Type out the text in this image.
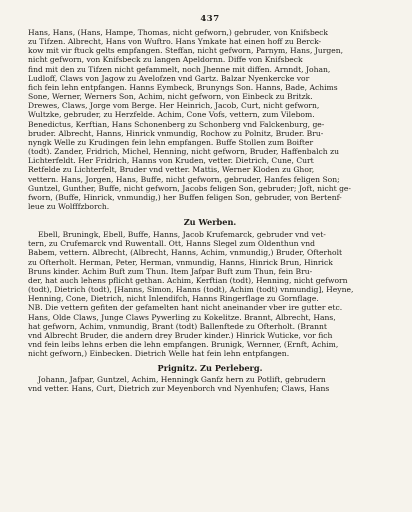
437
Hans, Hans, (Hans, Hampe, Thomas, nicht gefworn,) gebruder, von Knifsbeck
zu Tifzen. Albrecht, Hans von Wuftro. Hans Ymkate hat einen hoff zu Berck-
kow mit vir ftuck gelts empfangen. Steffan, nicht gefworn, Parnym, Hans, Jurgen,
nicht gefworn, von Knifsbeck zu langen Apeldornn. Diffe von Knifsbeck
find mit den zu Tifzen nicht gefammelt, noch Jhenne mit diffen. Arnndt, Johan,
Ludloff, Claws von Jagow zu Avelofzen vnd Gartz. Balzar Nyenkercke vor
fich fein lehn entpfangen. Hanns Eymbeck, Brunyngs Son. Hanns, Bade, Achims
Sone, Werner, Werners Son, Achim, nicht gefworn, von Einbeck zu Britzk.
Drewes, Claws, Jorge vom Berge. Her Heinrich, Jacob, Curt, nicht gefworn,
Wultzke, gebruder, zu Herzfelde. Achim, Cone Vofs, vettern, zum Vilebom.
Benedictus, Kerftian, Hans Schonenberg zu Schonberg vnd Falckenburg, ge-
bruder. Albrecht, Hanns, Hinrick vnmundig, Rochow zu Polnitz, Bruder. Bru-
nyngk Welle zu Krudingen fein lehn empfangen. Buffe Stollen zum Boifter
(todt). Zander, Fridrich, Michel, Henning, nicht gefworn, Bruder, Haffenbalch zu
Lichterfeldt. Her Fridrich, Hanns von Kruden, vetter. Dietrich, Cune, Curt
Retfelde zu Lichterfelt, Bruder vnd vetter. Mattis, Werner Kloden zu Ghor,
vettern. Hans, Jorgen, Hans, Buffe, nicht gefworn, gebruder, Hanfes feligen Son;
Guntzel, Gunther, Buffe, nicht gefworn, Jacobs feligen Son, gebruder; Joft, nicht ge-
fworn, (Buffe, Hinrick, vnmundig,) her Buffen feligen Son, gebruder, von Bertenf-
leue zu Wolfffzborch.
Zu Werben.
Ebell, Bruningk, Ebell, Buffe, Hanns, Jacob Krufemarck, gebruder vnd vet-
tern, zu Crufemarck vnd Ruwentall. Ott, Hanns Slegel zum Oldenthun vnd
Babem, vettern. Albrecht, (Albrecht, Hanns, Achim, vnmundig,) Bruder, Ofterholt
zu Ofterholt. Herman, Peter, Herman, vnmundig, Hanns, Hinrick Brun, Hinrick
Bruns kinder. Achim Buft zum Thun. Item Jafpar Buft zum Thun, fein Bru-
der, hat auch lehens pflicht gethan. Achim, Kerftian (todt), Henning, nicht gefworn
(todt), Dietrich (todt), [Hanns, Simon, Hanns (todt), Achim (todt) vnmundig], Heyne,
Henning, Cone, Dietrich, nicht Inlendifch, Hanns Ringerflage zu Gornflage.
NB. Die vettern gefiten der gefamelten hant nicht aneinander vber ire gutter etc.
Hans, Olde Claws, Junge Claws Pywerling zu Kokelitze. Brannt, Albrecht, Hans,
hat gefworn, Achim, vnmundig, Brant (todt) Ballenftede zu Ofterholt. (Brannt
vnd Albrecht Bruder, die andern drey Bruder kinder.) Hinrick Wuticke, vor fich
vnd fein leibs lehns erben die lehn empfangen. Brunigk, Wernner, (Ernft, Achim,
nicht gefworn,) Einbecken. Dietrich Welle hat fein lehn entpfangen.
Prignitz. Zu Perleberg.
Johann, Jafpar, Guntzel, Achim, Henningk Ganfz hern zu Potlift, gebrudern
vnd vetter. Hans, Curt, Dietrich zur Meyenborch vnd Nyenhufen; Claws, Hans
